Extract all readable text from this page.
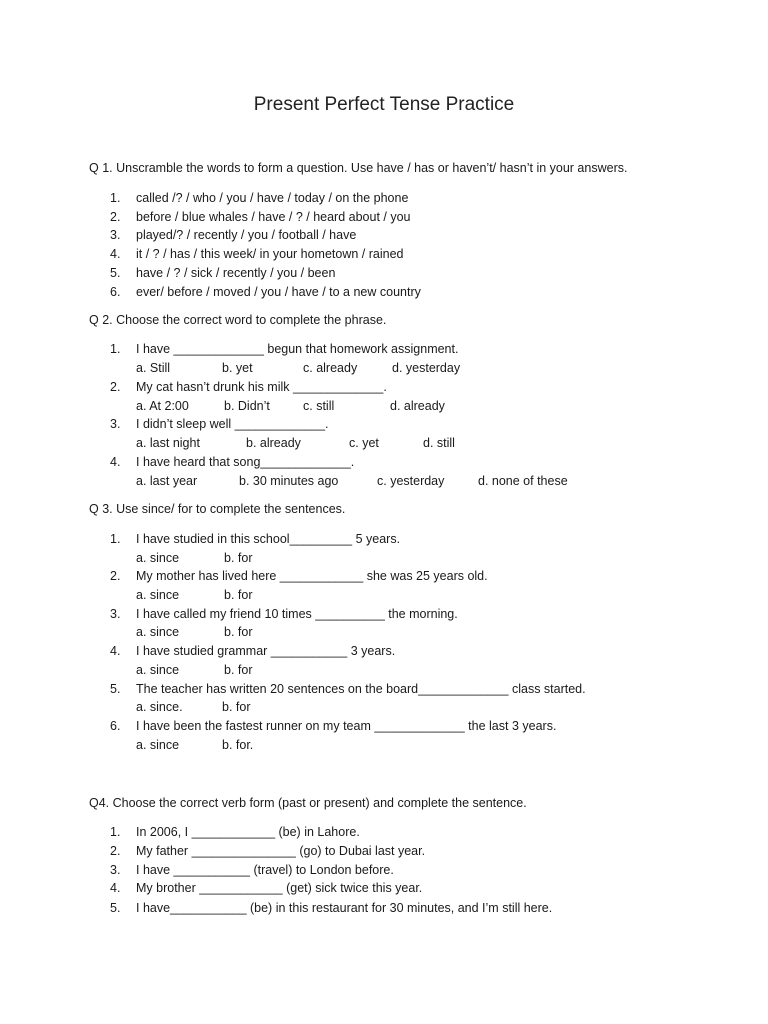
Present Perfect Tense Practice
Q 1. Unscramble the words to form a question. Use have / has or haven’t/ hasn’t in your answers.
1. called /? / who / you / have / today / on the phone
2. before / blue whales / have / ? / heard about / you
3. played/? / recently / you / football / have
4. it / ? / has / this week/ in your hometown / rained
5. have / ? / sick / recently / you / been
6. ever/ before / moved / you / have / to a new country
Q 2. Choose the correct word to complete the phrase.
1. I have _____________ begun that homework assignment.
a. Still	b. yet	c. already	d. yesterday
2. My cat hasn’t drunk his milk _____________.
a. At 2:00	b. Didn’t	c. still	d. already
3. I didn’t sleep well _____________.
a. last night	b. already	c. yet	d. still
4. I have heard that song_____________.
a. last year	b. 30 minutes ago	c. yesterday	d. none of these
Q 3. Use since/ for to complete the sentences.
1. I have studied in this school_________ 5 years.
a. since	b. for
2. My mother has lived here ____________ she was 25 years old.
a. since	b. for
3. I have called my friend 10 times __________ the morning.
a. since	b. for
4. I have studied grammar ___________ 3 years.
a. since	b. for
5. The teacher has written 20 sentences on the board_____________ class started.
a. since.	b. for
6. I have been the fastest runner on my team _____________ the last 3 years.
a. since	b. for.
Q4. Choose the correct verb form (past or present) and complete the sentence.
1. In 2006, I ____________ (be) in Lahore.
2. My father _______________ (go) to Dubai last year.
3. I have ___________ (travel) to London before.
4. My brother ____________ (get) sick twice this year.
5. I have___________ (be) in this restaurant for 30 minutes, and I’m still here.
